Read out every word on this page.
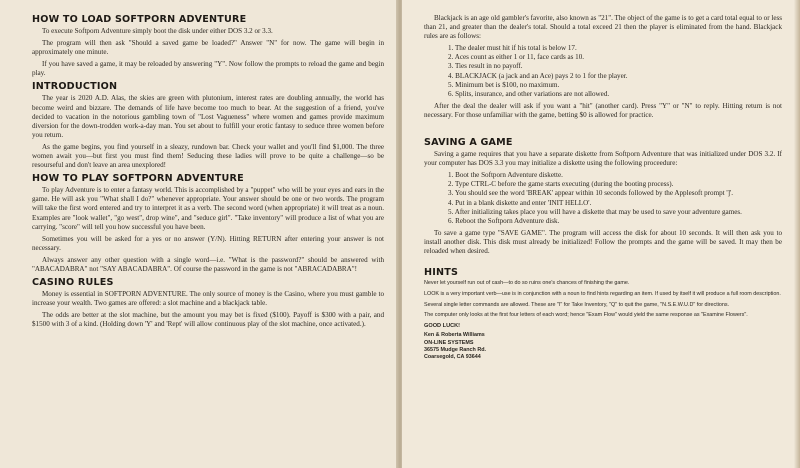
HOW TO LOAD SOFTPORN ADVENTURE

To execute Softporn Adventure simply boot the disk under either DOS 3.2 or 3.3.

The program will then ask "Should a saved game be loaded?" Answer "N" for now. The game will begin in approximately one minute.

If you have saved a game, it may be reloaded by answering "Y". Now follow the prompts to reload the game and begin play.

INTRODUCTION

The year is 2020 A.D. Alas, the skies are green with plutonium, interest rates are doubling annually, the world has become weird and bizzare. The demands of life have become too much to bear. At the suggestion of a friend, you've decided to vacation in the notorious gambling town of "Lost Vagueness" where women and games provide maximum diversion for the down-trodden work-a-day man. You set about to fulfill your erotic fantasy to seduce three women before you return.

As the game begins, you find yourself in a sleazy, rundown bar. Check your wallet and you'll find $1,000. The three women await you—but first you must find them! Seducing these ladies will prove to be quite a challenge—so be resourseful and don't leave an area unexplored!

HOW TO PLAY SOFTPORN ADVENTURE

To play Adventure is to enter a fantasy world. This is accomplished by a "puppet" who will be your eyes and ears in the game. He will ask you "What shall I do?" whenever appropriate. Your answer should be one or two words. The program will take the first word entered and try to interpret it as a verb. The second word (when appropriate) it will treat as a noun. Examples are "look wallet", "go west", drop wine", and "seduce girl". "Take inventory" will produce a list of what you are carrying. "score" will tell you how successful you have been.

Sometimes you will be asked for a yes or no answer (Y/N). Hitting RETURN after entering your answer is not necessary.

Always answer any other question with a single word—i.e. "What is the password?" should be answered with "ABACADABRA" not "SAY ABACADABRA". Of course the password in the game is not "ABRACADABRA"!

CASINO RULES

Money is essential in SOFTPORN ADVENTURE. The only source of money is the Casino, where you must gamble to increase your wealth. Two games are offered: a slot machine and a blackjack table.

The odds are better at the slot machine, but the amount you may bet is fixed ($100). Payoff is $300 with a pair, and $1500 with 3 of a kind. (Holding down 'Y' and 'Rept' will allow continuous play of the slot machine, once activated.).

Blackjack is an age old gambler's favorite, also known as "21". The object of the game is to get a card total equal to or less than 21, and greater than the dealer's total. Should a total exceed 21 then the player is eliminated from the hand. Blackjack rules are as follows:

1. The dealer must hit if his total is below 17.
2. Aces count as either 1 or 11, face cards as 10.
3. Ties result in no payoff.
4. BLACKJACK (a jack and an Ace) pays 2 to 1 for the player.
5. Minimum bet is $100, no maximum.
6. Splits, insurance, and other variations are not allowed.

After the deal the dealer will ask if you want a "hit" (another card). Press "Y" or "N" to reply. Hitting return is not necessary. For those unfamiliar with the game, betting $0 is allowed for practice.

SAVING A GAME

Saving a game requires that you have a separate diskette from Softporn Adventure that was initialized under DOS 3.2. If your computer has DOS 3.3 you may initialize a diskette using the following proceedure:

1. Boot the Softporn Adventure diskette.
2. Type CTRL-C before the game starts executing (during the booting process).
3. You should see the word 'BREAK' appear within 10 seconds followed by the Applesoft prompt ']'.
4. Put in a blank diskette and enter 'INIT HELLO'.
5. After initializing takes place you will have a diskette that may be used to save your adventure games.
6. Reboot the Softporn Adventure disk.

To save a game type "SAVE GAME". The program will access the disk for about 10 seconds. It will then ask you to install another disk. This disk must already be initialized! Follow the prompts and the game will be saved. It may then be reloaded when desired.

HINTS

Never let yourself run out of cash—to do so ruins one's chances of finishing the game.

LOOK is a very important verb—use is in conjunction with a noun to find hints regarding an item. If used by itself it will produce a full room description.

Several single letter commands are allowed. These are "I" for Take Inventory, "Q" to quit the game, "N.S.E.W.U.D" for directions.

The computer only looks at the first four letters of each word; hence "Exam Flow" would yield the same response as "Examine Flowers".

GOOD LUCK!
Ken & Roberta Williams
ON-LINE SYSTEMS
36575 Mudge Ranch Rd.
Coarsegold, CA 93644
